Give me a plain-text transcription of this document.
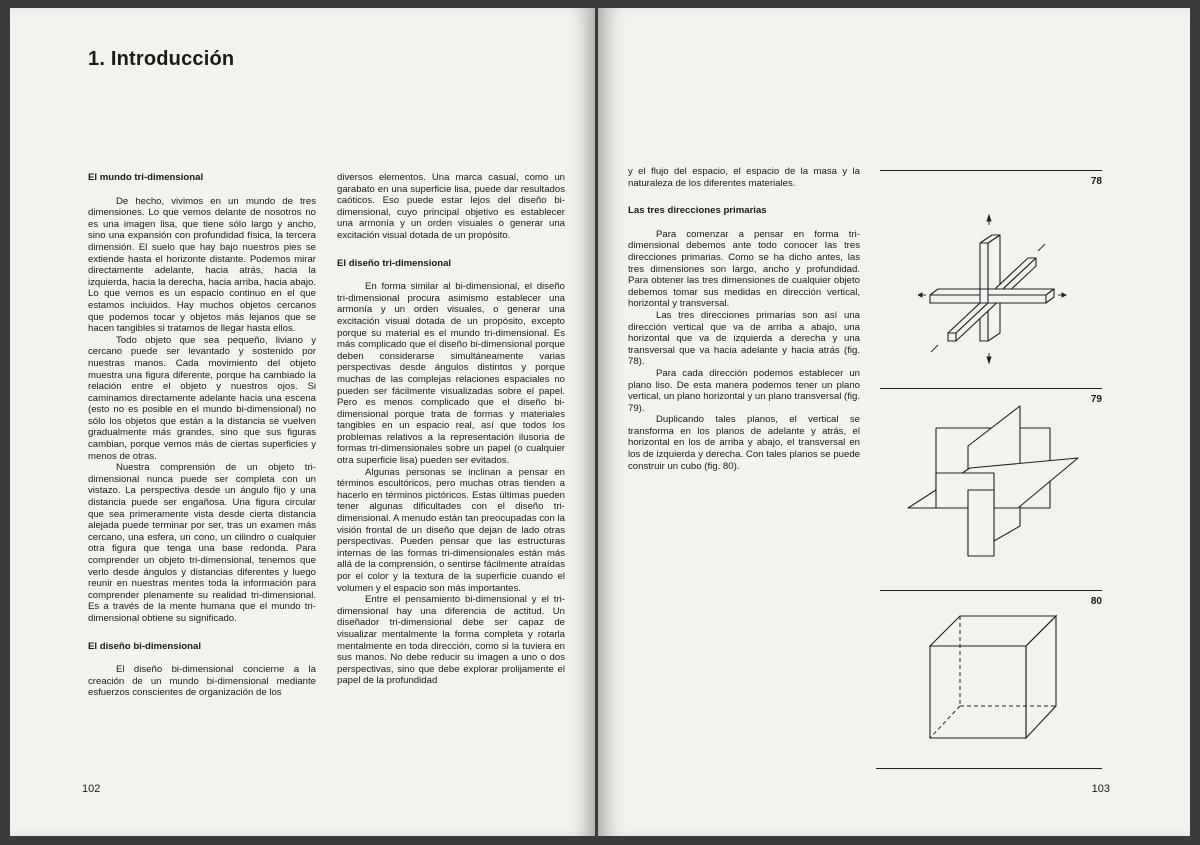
1. Introducción
El mundo tri-dimensional

De hecho, vivimos en un mundo de tres dimensiones. Lo que vemos delante de nosotros no es una imagen lisa, que tiene sólo largo y ancho, sino una expansión con profundidad física, la tercera dimensión. El suelo que hay bajo nuestros pies se extiende hasta el horizonte distante. Podemos mirar directamente adelante, hacia atrás, hacia la izquierda, hacia la derecha, hacia arriba, hacia abajo. Lo que vemos es un espacio continuo en el que estamos incluidos. Hay muchos objetos cercanos que podemos tocar y objetos más lejanos que se hacen tangibles si tratamos de llegar hasta ellos.

Todo objeto que sea pequeño, liviano y cercano puede ser levantado y sostenido por nuestras manos. Cada movimiento del objeto muestra una figura diferente, porque ha cambiado la relación entre el objeto y nuestros ojos. Si caminamos directamente adelante hacia una escena (esto no es posible en el mundo bi-dimensional) no sólo los objetos que están a la distancia se vuelven gradualmente más grandes, sino que sus figuras cambian, porque vemos más de ciertas superficies y menos de otras.

Nuestra comprensión de un objeto tri-dimensional nunca puede ser completa con un vistazo. La perspectiva desde un ángulo fijo y una distancia puede ser engañosa. Una figura circular que sea primeramente vista desde cierta distancia alejada puede terminar por ser, tras un examen más cercano, una esfera, un cono, un cilindro o cualquier otra figura que tenga una base redonda. Para comprender un objeto tri-dimensional, tenemos que verlo desde ángulos y distancias diferentes y luego reunir en nuestras mentes toda la información para comprender plenamente su realidad tri-dimensional. Es a través de la mente humana que el mundo tri-dimensional obtiene su significado.

El diseño bi-dimensional

El diseño bi-dimensional concierne a la creación de un mundo bi-dimensional mediante esfuerzos conscientes de organización de los

diversos elementos. Una marca casual, como un garabato en una superficie lisa, puede dar resultados caóticos. Eso puede estar lejos del diseño bi-dimensional, cuyo principal objetivo es establecer una armonía y un orden visuales o generar una excitación visual dotada de un propósito.

El diseño tri-dimensional

En forma similar al bi-dimensional, el diseño tri-dimensional procura asimismo establecer una armonía y un orden visuales, o generar una excitación visual dotada de un propósito, excepto porque su material es el mundo tri-dimensional. Es más complicado que el diseño bi-dimensional porque deben considerarse simultáneamente varias perspectivas desde ángulos distintos y porque muchas de las complejas relaciones espaciales no pueden ser fácilmente visualizadas sobre el papel. Pero es menos complicado que el diseño bi-dimensional porque trata de formas y materiales tangibles en un espacio real, así que todos los problemas relativos a la representación ilusoria de formas tri-dimensionales sobre un papel (o cualquier otra superficie lisa) pueden ser evitados.

Algunas personas se inclinan a pensar en términos escultóricos, pero muchas otras tienden a hacerlo en términos pictóricos. Estas últimas pueden tener algunas dificultades con el diseño tri-dimensional. A menudo están tan preocupadas con la visión frontal de un diseño que dejan de lado otras perspectivas. Pueden pensar que las estructuras internas de las formas tri-dimensionales están más allá de la comprensión, o sentirse fácilmente atraídas por el color y la textura de la superficie cuando el volumen y el espacio son más importantes.

Entre el pensamiento bi-dimensional y el tri-dimensional hay una diferencia de actitud. Un diseñador tri-dimensional debe ser capaz de visualizar mentalmente la forma completa y rotarla mentalmente en toda dirección, como si la tuviera en sus manos. No debe reducir su imagen a uno o dos perspectivas, sino que debe explorar prolijamente el papel de la profundidad

102

y el flujo del espacio, el espacio de la masa y la naturaleza de los diferentes materiales.

Las tres direcciones primarias

Para comenzar a pensar en forma tri-dimensional debemos ante todo conocer las tres direcciones primarias. Como se ha dicho antes, las tres dimensiones son largo, ancho y profundidad. Para obtener las tres dimensiones de cualquier objeto debemos tomar sus medidas en dirección vertical, horizontal y transversal.

Las tres direcciones primarias son así una dirección vertical que va de arriba a abajo, una horizontal que va de izquierda a derecha y una transversal que va hacia adelante y hacia atrás (fig. 78).

Para cada dirección podemos establecer un plano liso. De esta manera podemos tener un plano vertical, un plano horizontal y un plano transversal (fig. 79).

Duplicando tales planos, el vertical se transforma en los planos de adelante y atrás, el horizontal en los de arriba y abajo, el transversal en los de izquierda y derecha. Con tales planos se puede construir un cubo (fig. 80).

78
79
80
103
